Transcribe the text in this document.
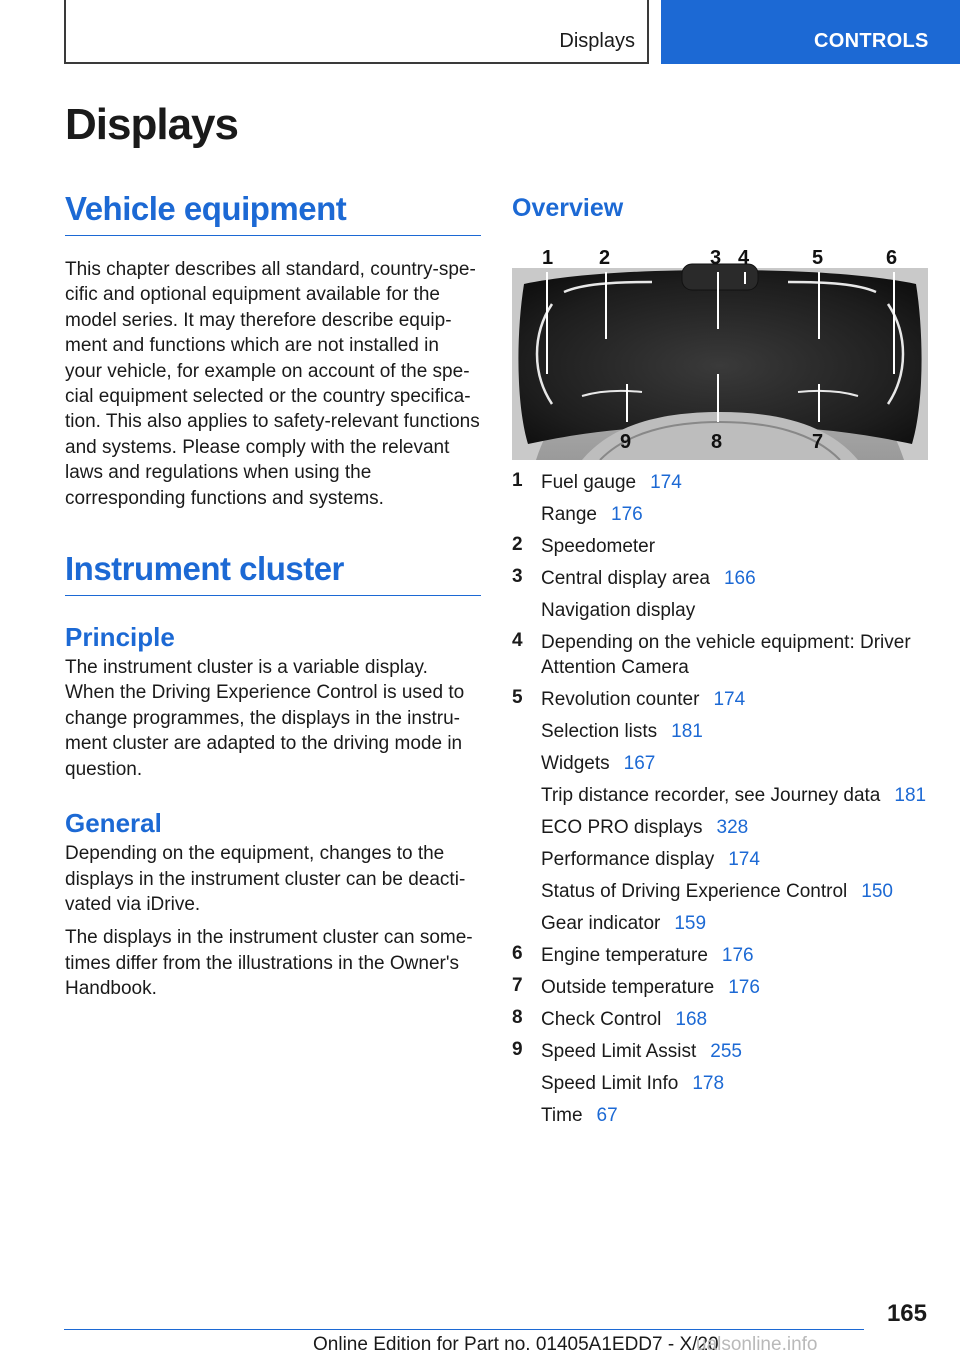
Displays	CONTROLS
Displays
Vehicle equipment

This chapter describes all standard, country-specific and optional equipment available for the model series. It may therefore describe equipment and functions which are not installed in your vehicle, for example on account of the special equipment selected or the country specification. This also applies to safety-relevant functions and systems. Please comply with the relevant laws and regulations when using the corresponding functions and systems.

Instrument cluster
Principle

The instrument cluster is a variable display. When the Driving Experience Control is used to change programmes, the displays in the instrument cluster are adapted to the driving mode in question.

General

Depending on the equipment, changes to the displays in the instrument cluster can be deactivated via iDrive.

The displays in the instrument cluster can sometimes differ from the illustrations in the Owner's Handbook.

Overview
1 2	3 4	5	6
7
8
9
1 Fuel gauge 174
Range 176
2 Speedometer
3 Central display area 166
Navigation display
4 Depending on the vehicle equipment: Driver Attention Camera
5 Revolution counter 174
Selection lists 181
Widgets 167
Trip distance recorder, see Journey data 181
ECO PRO displays 328
Performance display 174
Status of Driving Experience Control 150
Gear indicator 159
6 Engine temperature 176
7 Outside temperature 176
8 Check Control 168
9 Speed Limit Assist 255
Speed Limit Info 178
Time 67
165
Online Edition for Part no. 01405A1EDD7 - X/20
ualsonline.info
